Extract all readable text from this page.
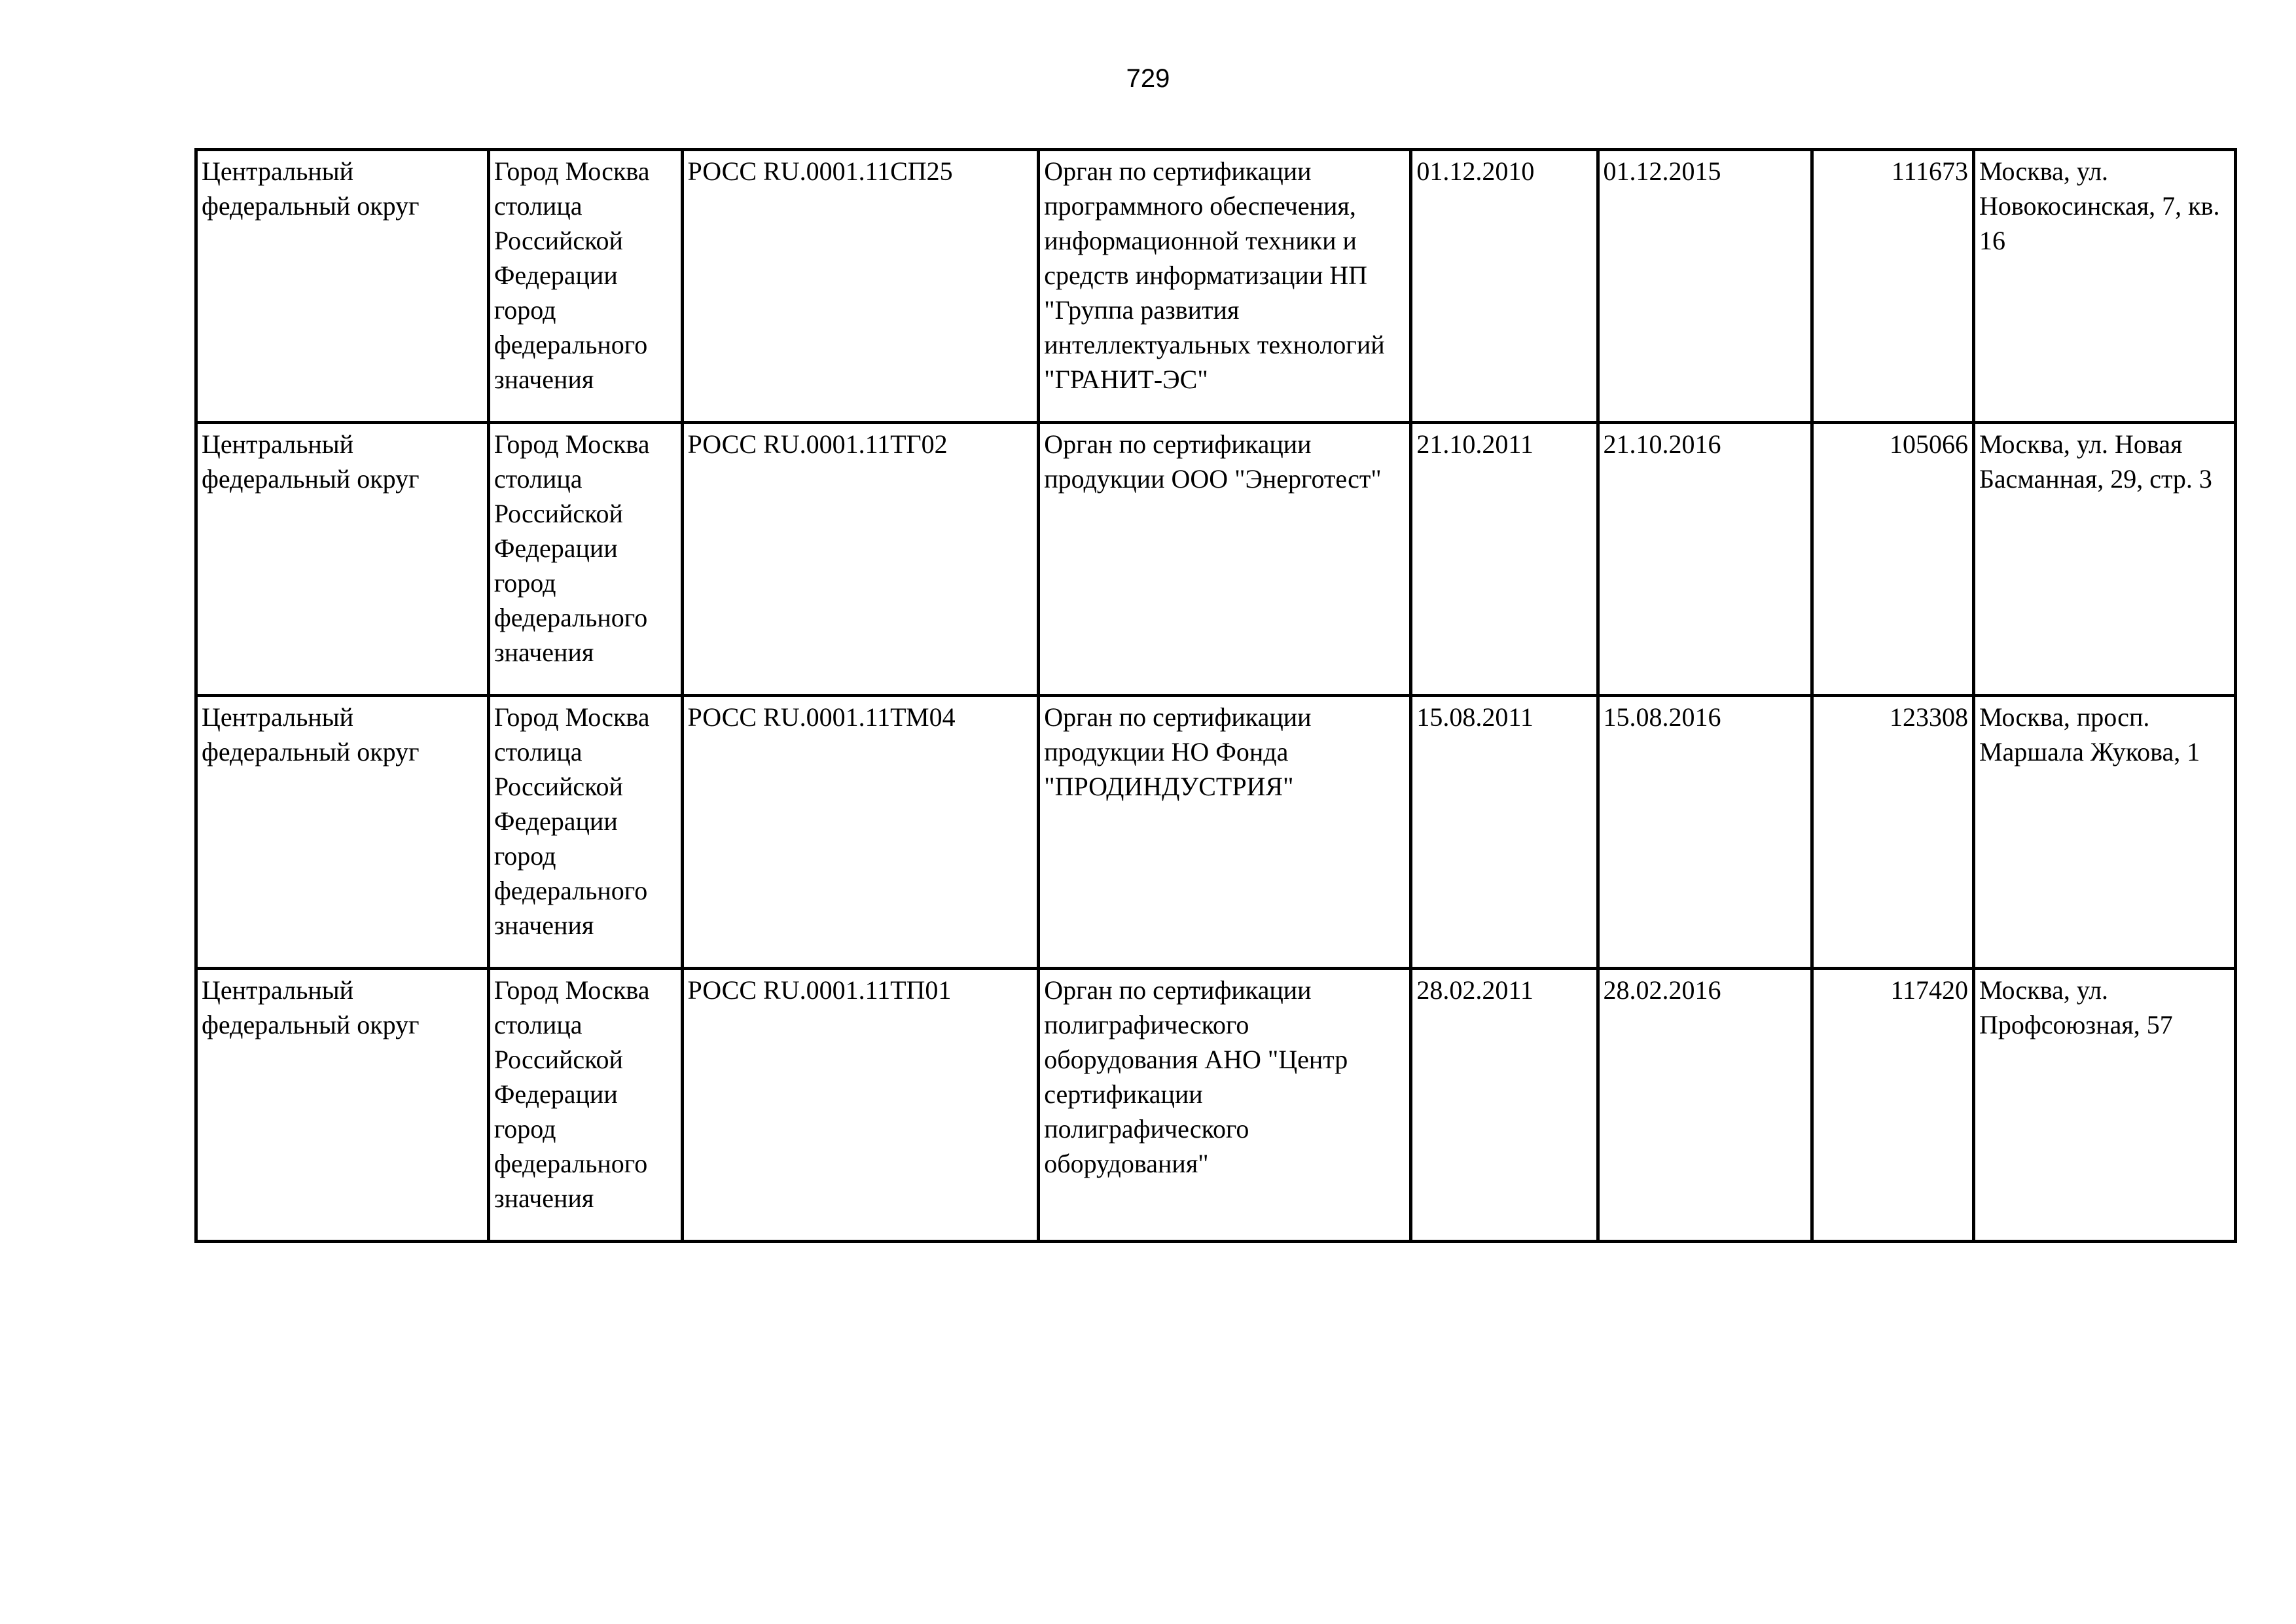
729
Центральный федеральный округ	Город Москва столица Российской Федерации город федерального значения	РОСС RU.0001.11СП25	Орган по сертификации программного обеспечения, информационной техники и средств информатизации НП "Группа развития интеллектуальных технологий "ГРАНИТ-ЭС"	01.12.2010	01.12.2015	111673	Москва, ул. Новокосинская, 7, кв. 16

Центральный федеральный округ	Город Москва столица Российской Федерации город федерального значения	РОСС RU.0001.11ТГ02	Орган по сертификации продукции ООО "Энерготест"	21.10.2011	21.10.2016	105066	Москва, ул. Новая Басманная, 29, стр. 3

Центральный федеральный округ	Город Москва столица Российской Федерации город федерального значения	РОСС RU.0001.11ТМ04	Орган по сертификации продукции НО Фонда "ПРОДИНДУСТРИЯ"	15.08.2011	15.08.2016	123308	Москва, просп. Маршала Жукова, 1

Центральный федеральный округ	Город Москва столица Российской Федерации город федерального значения	РОСС RU.0001.11ТП01	Орган по сертификации полиграфического оборудования АНО "Центр сертификации полиграфического оборудования"	28.02.2011	28.02.2016	117420	Москва, ул. Профсоюзная, 57
